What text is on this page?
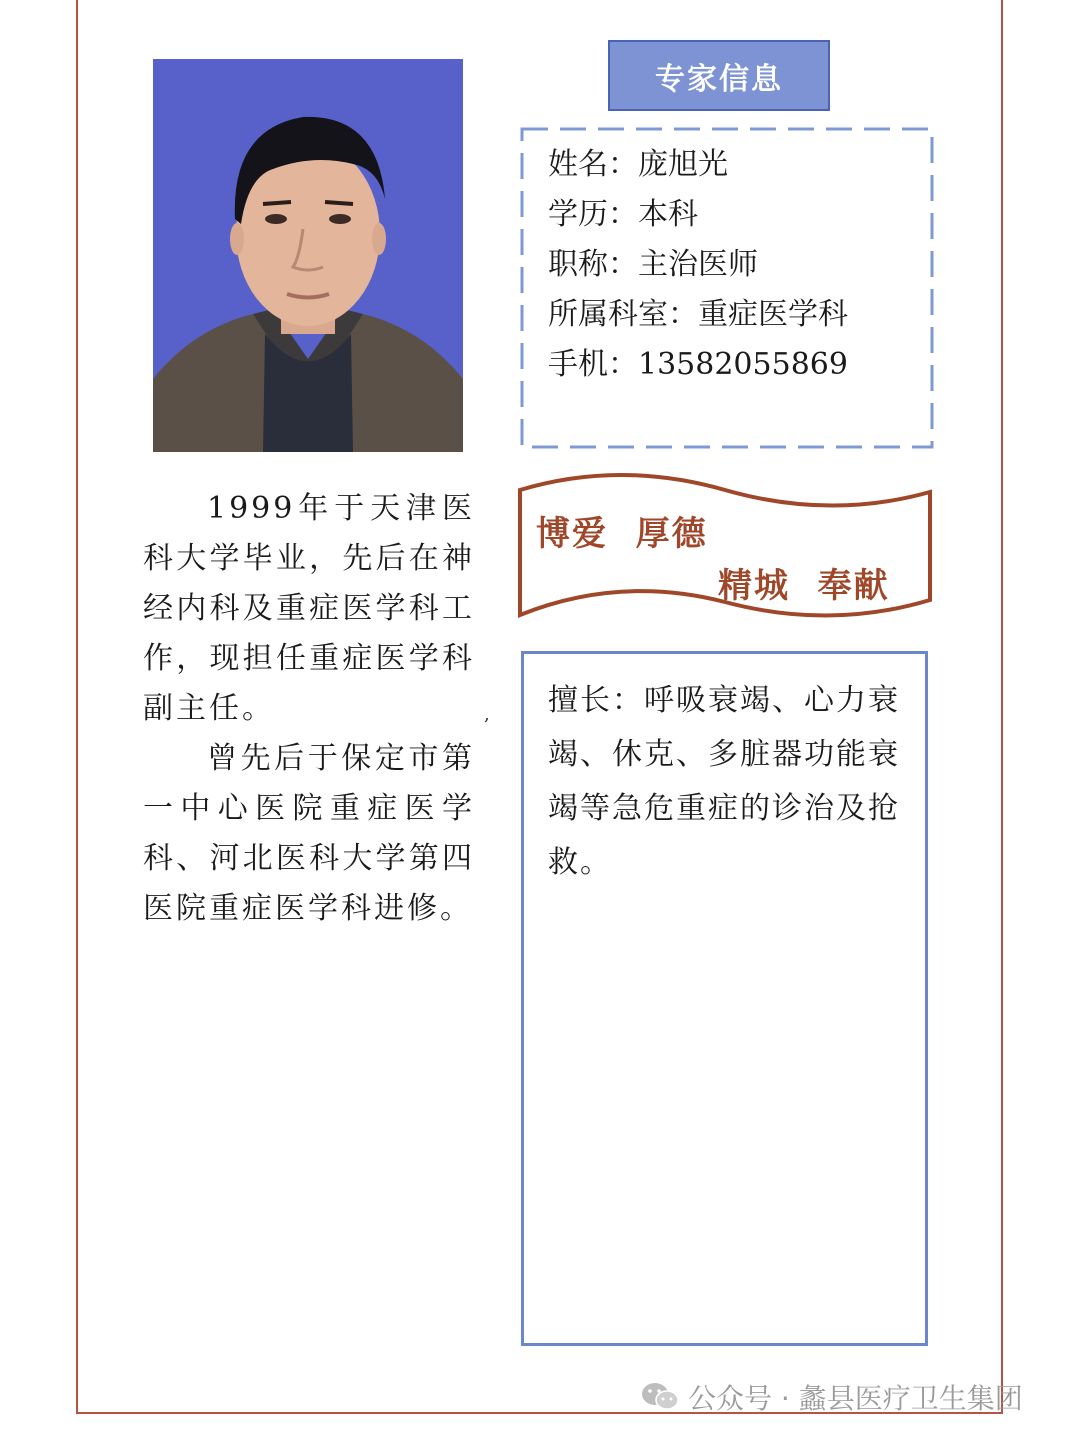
专家信息
姓名：庞旭光
学历：本科
职称：主治医师
所属科室：重症医学科
手机：13582055869
博爱  厚德
精城  奉献

1999年于天津医科大学毕业，先后在神经内科及重症医学科工作，现担任重症医学科副主任。

曾先后于保定市第一中心医院重症医学科、河北医科大学第四医院重症医学科进修。

, 擅长：呼吸衰竭、心力衰竭、休克、多脏器功能衰竭等急危重症的诊治及抢救。
公众号 · 蠡县医疗卫生集团
